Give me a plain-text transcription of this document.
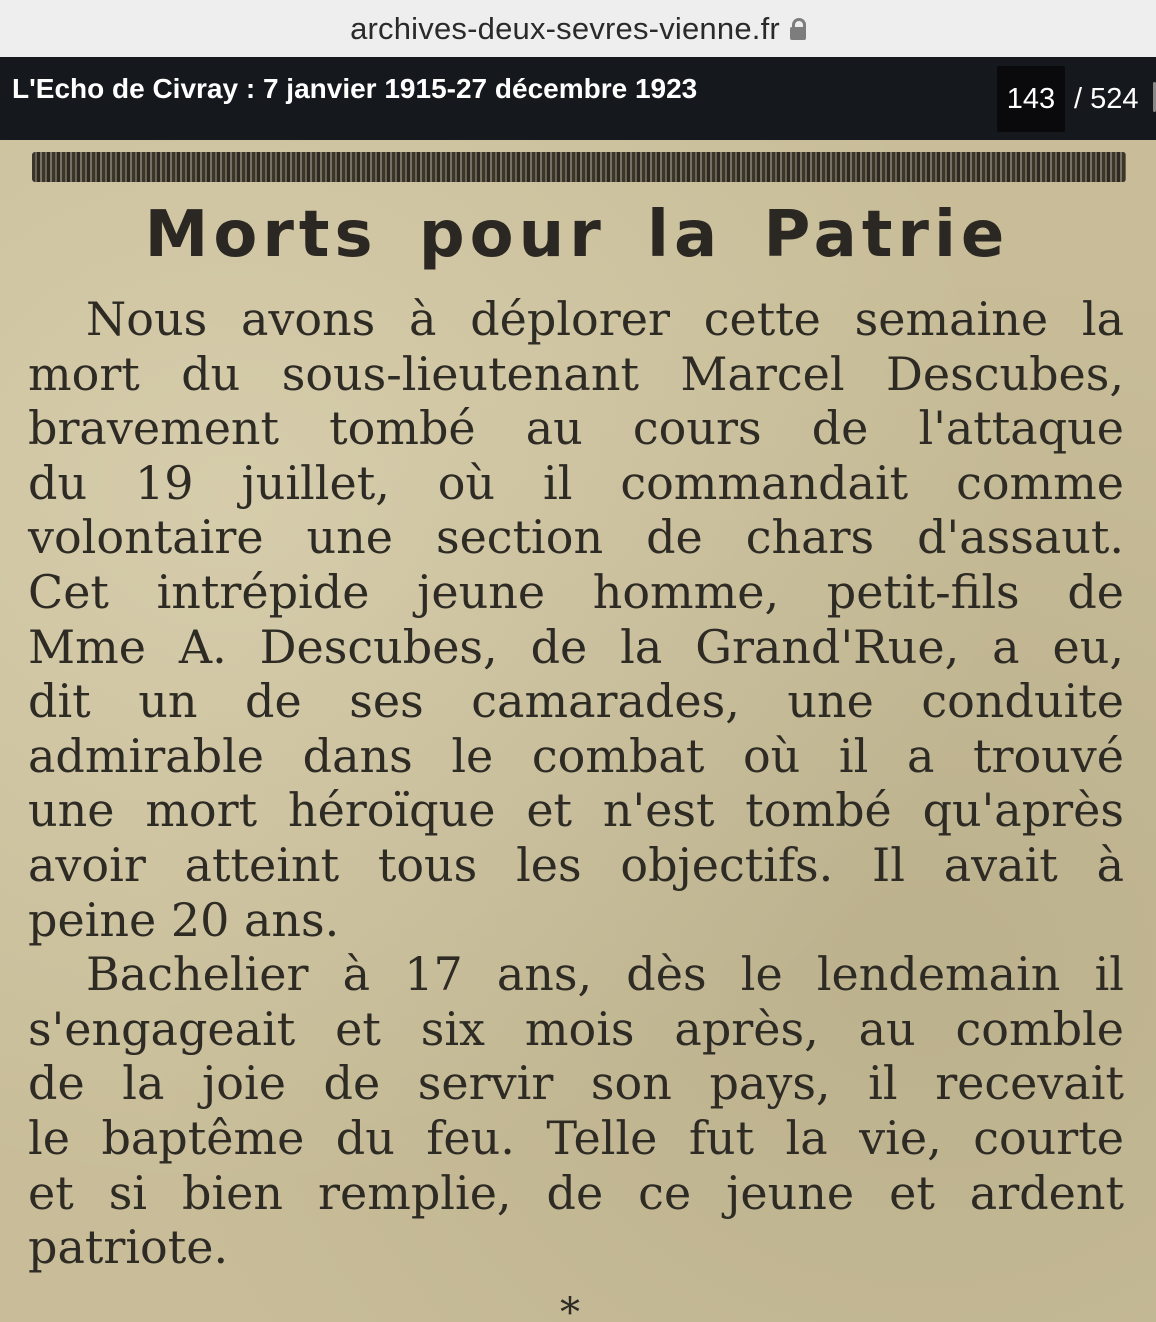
archives-deux-sevres-vienne.fr
L'Echo de Civray : 7 janvier 1915-27 décembre 1923	143 / 524
Morts pour la Patrie
Nous avons à déplorer cette semaine la
mort du sous-lieutenant Marcel Descubes,
bravement tombé au cours de l'attaque
du 19 juillet, où il commandait comme
volontaire une section de chars d'assaut.
Cet intrépide jeune homme, petit-fils de
Mme A. Descubes, de la Grand'Rue, a eu,
dit un de ses camarades, une conduite
admirable dans le combat où il a trouvé
une mort héroïque et n'est tombé qu'après
avoir atteint tous les objectifs. Il avait à
peine 20 ans.
Bachelier à 17 ans, dès le lendemain il
s'engageait et six mois après, au comble
de la joie de servir son pays, il recevait
le baptême du feu. Telle fut la vie, courte
et si bien remplie, de ce jeune et ardent
patriote.
*
